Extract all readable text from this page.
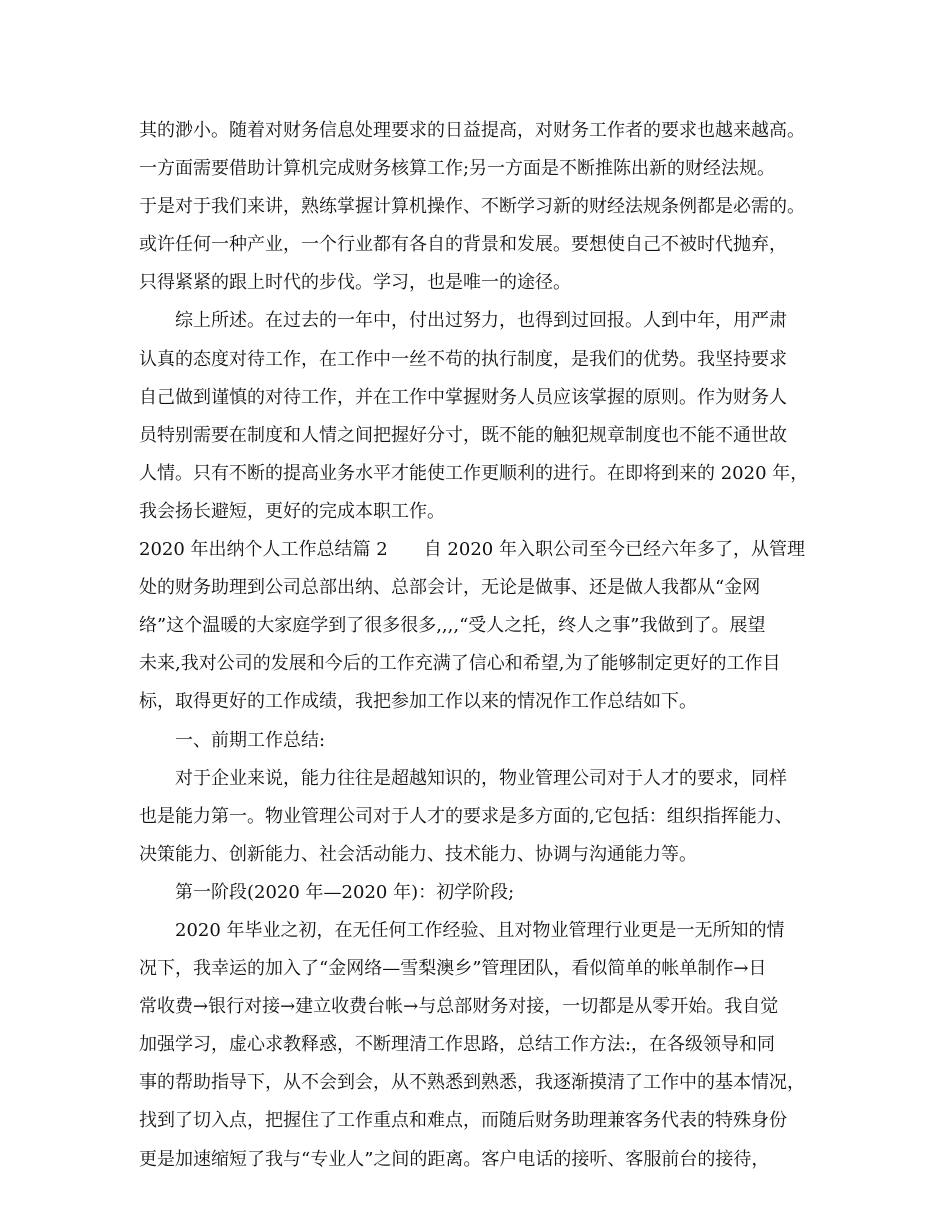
其的渺小。随着对财务信息处理要求的日益提高，对财务工作者的要求也越来越高。
一方面需要借助计算机完成财务核算工作;另一方面是不断推陈出新的财经法规。
于是对于我们来讲，熟练掌握计算机操作、不断学习新的财经法规条例都是必需的。
或许任何一种产业，一个行业都有各自的背景和发展。要想使自己不被时代抛弃，
只得紧紧的跟上时代的步伐。学习，也是唯一的途径。
综上所述。在过去的一年中，付出过努力，也得到过回报。人到中年，用严肃
认真的态度对待工作，在工作中一丝不苟的执行制度，是我们的优势。我坚持要求
自己做到谨慎的对待工作，并在工作中掌握财务人员应该掌握的原则。作为财务人
员特别需要在制度和人情之间把握好分寸，既不能的触犯规章制度也不能不通世故
人情。只有不断的提高业务水平才能使工作更顺利的进行。在即将到来的 2020 年，
我会扬长避短，更好的完成本职工作。
2020 年出纳个人工作总结篇 2　　自 2020 年入职公司至今已经六年多了，从管理
处的财务助理到公司总部出纳、总部会计，无论是做事、还是做人我都从“金网
络”这个温暖的大家庭学到了很多很多,,,,“受人之托，终人之事”我做到了。展望
未来,我对公司的发展和今后的工作充满了信心和希望,为了能够制定更好的工作目
标，取得更好的工作成绩，我把参加工作以来的情况作工作总结如下。
一、前期工作总结:
对于企业来说，能力往往是超越知识的，物业管理公司对于人才的要求，同样
也是能力第一。物业管理公司对于人才的要求是多方面的,它包括：组织指挥能力、
决策能力、创新能力、社会活动能力、技术能力、协调与沟通能力等。
第一阶段(2020 年—2020 年)：初学阶段;
2020 年毕业之初，在无任何工作经验、且对物业管理行业更是一无所知的情
况下，我幸运的加入了“金网络—雪梨澳乡”管理团队，看似简单的帐单制作→日
常收费→银行对接→建立收费台帐→与总部财务对接，一切都是从零开始。我自觉
加强学习，虚心求教释惑，不断理清工作思路，总结工作方法:，在各级领导和同
事的帮助指导下，从不会到会，从不熟悉到熟悉，我逐渐摸清了工作中的基本情况，
找到了切入点，把握住了工作重点和难点，而随后财务助理兼客务代表的特殊身份
更是加速缩短了我与“专业人”之间的距离。客户电话的接听、客服前台的接待，
